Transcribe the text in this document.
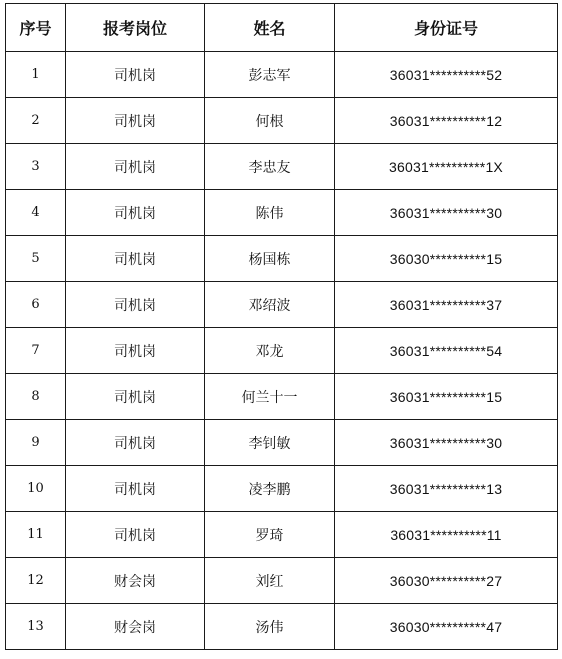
序号	报考岗位	姓名	身份证号
1	司机岗	彭志军	36031**********52
2	司机岗	何根	36031**********12
3	司机岗	李忠友	36031**********1X
4	司机岗	陈伟	36031**********30
5	司机岗	杨国栋	36030**********15
6	司机岗	邓绍波	36031**********37
7	司机岗	邓龙	36031**********54
8	司机岗	何兰十一	36031**********15
9	司机岗	李钊敏	36031**********30
10	司机岗	凌李鹏	36031**********13
11	司机岗	罗琦	36031**********11
12	财会岗	刘红	36030**********27
13	财会岗	汤伟	36030**********47
